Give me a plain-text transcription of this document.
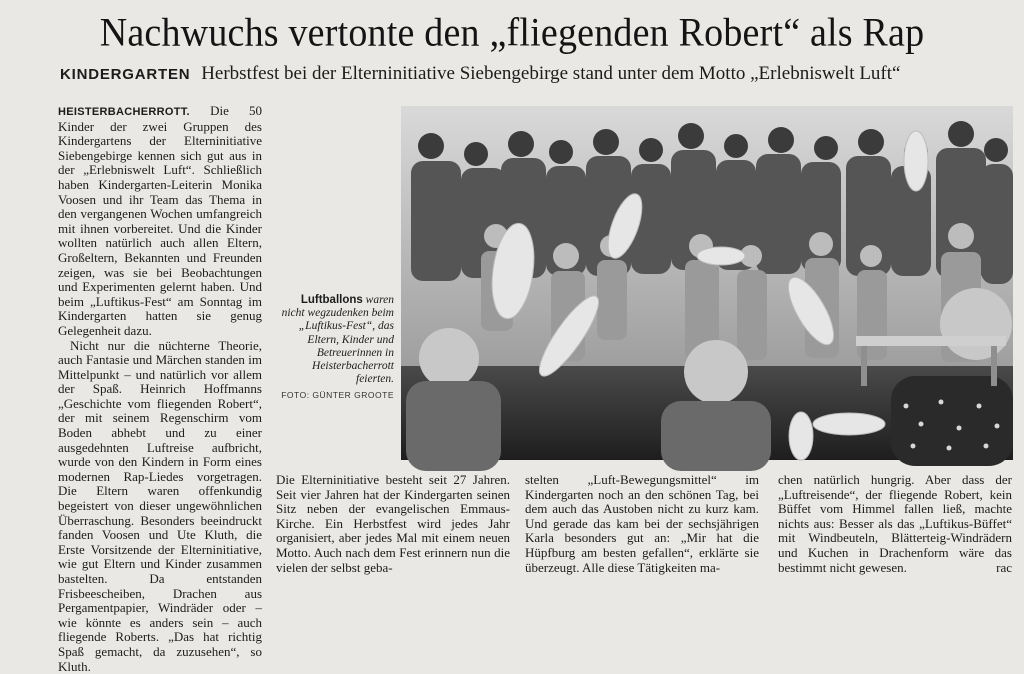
Nachwuchs vertonte den „fliegenden Robert“ als Rap
KINDERGARTEN Herbstfest bei der Elterninitiative Siebengebirge stand unter dem Motto „Erlebniswelt Luft“

HEISTERBACHERROTT. Die 50 Kinder der zwei Gruppen des Kindergartens der Elterninitiative Siebengebirge kennen sich gut aus in der „Erlebniswelt Luft“. Schließlich haben Kindergarten-Leiterin Monika Voosen und ihr Team das Thema in den vergangenen Wochen umfangreich mit ihnen vorbereitet. Und die Kinder wollten natürlich auch allen Eltern, Großeltern, Bekannten und Freunden zeigen, was sie bei Beobachtungen und Experimenten gelernt haben. Und beim „Luftikus-Fest“ am Sonntag im Kindergarten hatten sie genug Gelegenheit dazu.

Nicht nur die nüchterne Theorie, auch Fantasie und Märchen standen im Mittelpunkt – und natürlich vor allem der Spaß. Heinrich Hoffmanns „Geschichte vom fliegenden Robert“, der mit seinem Regenschirm vom Boden abhebt und zu einer ausgedehnten Luftreise aufbricht, wurde von den Kindern in Form eines modernen Rap-Liedes vorgetragen. Die Eltern waren offenkundig begeistert von dieser ungewöhnlichen Überraschung. Besonders beeindruckt fanden Voosen und Ute Kluth, die Erste Vorsitzende der Elterninitiative, wie gut Eltern und Kinder zusammen bastelten. Da entstanden Frisbeescheiben, Drachen aus Pergamentpapier, Windräder oder – wie könnte es anders sein – auch fliegende Roberts. „Das hat richtig Spaß gemacht, da zuzusehen“, so Kluth.

Luftballons waren nicht wegzudenken beim „Luftikus-Fest“, das Eltern, Kinder und Betreuerinnen in Heisterbacherrott feierten.
FOTO: GÜNTER GROOTE

Die Elterninitiative besteht seit 27 Jahren. Seit vier Jahren hat der Kindergarten seinen Sitz neben der evangelischen Emmaus-Kirche. Ein Herbstfest wird jedes Jahr organisiert, aber jedes Mal mit einem neuen Motto. Auch nach dem Fest erinnern nun die vielen der selbst geba-

stelten „Luft-Bewegungsmittel“ im Kindergarten noch an den schönen Tag, bei dem auch das Austoben nicht zu kurz kam. Und gerade das kam bei der sechsjährigen Karla besonders gut an: „Mir hat die Hüpfburg am besten gefallen“, erklärte sie überzeugt. Alle diese Tätigkeiten ma-

chen natürlich hungrig. Aber dass der „Luftreisende“, der fliegende Robert, kein Büffet vom Himmel fallen ließ, machte nichts aus: Besser als das „Luftikus-Büffet“ mit Windbeuteln, Blätterteig-Windrädern und Kuchen in Drachenform wäre das bestimmt nicht gewesen.	rac
